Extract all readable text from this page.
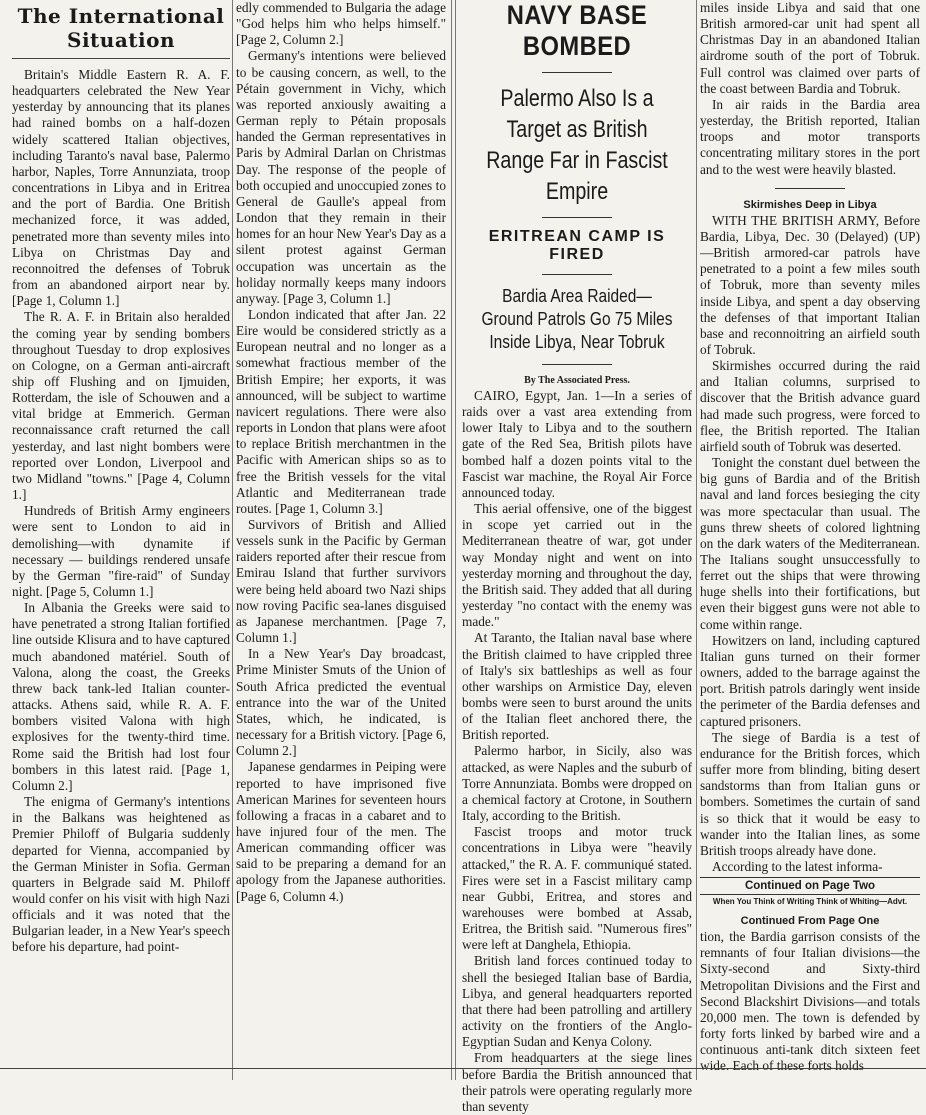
The International Situation

Britain's Middle Eastern R. A. F. headquarters celebrated the New Year yesterday by announcing that its planes had rained bombs on a half-dozen widely scattered Italian objectives, including Taranto's naval base, Palermo harbor, Naples, Torre Annunziata, troop concentrations in Libya and in Eritrea and the port of Bardia. One British mechanized force, it was added, penetrated more than seventy miles into Libya on Christmas Day and reconnoitred the defenses of Tobruk from an abandoned airport near by. [Page 1, Column 1.]

The R. A. F. in Britain also heralded the coming year by sending bombers throughout Tuesday to drop explosives on Cologne, on a German anti-aircraft ship off Flushing and on Ijmuiden, Rotterdam, the isle of Schouwen and a vital bridge at Emmerich. German reconnaissance craft returned the call yesterday, and last night bombers were reported over London, Liverpool and two Midland "towns." [Page 4, Column 1.]

Hundreds of British Army engineers were sent to London to aid in demolishing—with dynamite if necessary — buildings rendered unsafe by the German "fire-raid" of Sunday night. [Page 5, Column 1.]

In Albania the Greeks were said to have penetrated a strong Italian fortified line outside Klisura and to have captured much abandoned matériel. South of Valona, along the coast, the Greeks threw back tank-led Italian counter-attacks. Athens said, while R. A. F. bombers visited Valona with high explosives for the twenty-third time. Rome said the British had lost four bombers in this latest raid. [Page 1, Column 2.]

The enigma of Germany's intentions in the Balkans was heightened as Premier Philoff of Bulgaria suddenly departed for Vienna, accompanied by the German Minister in Sofia. German quarters in Belgrade said M. Philoff would confer on his visit with high Nazi officials and it was noted that the Bulgarian leader, in a New Year's speech before his departure, had point-

edly commended to Bulgaria the adage "God helps him who helps himself." [Page 2, Column 2.]

Germany's intentions were believed to be causing concern, as well, to the Pétain government in Vichy, which was reported anxiously awaiting a German reply to Pétain proposals handed the German representatives in Paris by Admiral Darlan on Christmas Day. The response of the people of both occupied and unoccupied zones to General de Gaulle's appeal from London that they remain in their homes for an hour New Year's Day as a silent protest against German occupation was uncertain as the holiday normally keeps many indoors anyway. [Page 3, Column 1.]

London indicated that after Jan. 22 Eire would be considered strictly as a European neutral and no longer as a somewhat fractious member of the British Empire; her exports, it was announced, will be subject to wartime navicert regulations. There were also reports in London that plans were afoot to replace British merchantmen in the Pacific with American ships so as to free the British vessels for the vital Atlantic and Mediterranean trade routes. [Page 1, Column 3.]

Survivors of British and Allied vessels sunk in the Pacific by German raiders reported after their rescue from Emirau Island that further survivors were being held aboard two Nazi ships now roving Pacific sea-lanes disguised as Japanese merchantmen. [Page 7, Column 1.]

In a New Year's Day broadcast, Prime Minister Smuts of the Union of South Africa predicted the eventual entrance into the war of the United States, which, he indicated, is necessary for a British victory. [Page 6, Column 2.]

Japanese gendarmes in Peiping were reported to have imprisoned five American Marines for seventeen hours following a fracas in a cabaret and to have injured four of the men. The American commanding officer was said to be preparing a demand for an apology from the Japanese authorities. [Page 6, Column 4.)

NAVY BASE BOMBED
Palermo Also Is a Target as British Range Far in Fascist Empire
ERITREAN CAMP IS FIRED
Bardia Area Raided—Ground Patrols Go 75 Miles Inside Libya, Near Tobruk
By The Associated Press.

CAIRO, Egypt, Jan. 1—In a series of raids over a vast area extending from lower Italy to Libya and to the southern gate of the Red Sea, British pilots have bombed half a dozen points vital to the Fascist war machine, the Royal Air Force announced today.

This aerial offensive, one of the biggest in scope yet carried out in the Mediterranean theatre of war, got under way Monday night and went on into yesterday morning and throughout the day, the British said. They added that all during yesterday "no contact with the enemy was made."

At Taranto, the Italian naval base where the British claimed to have crippled three of Italy's six battleships as well as four other warships on Armistice Day, eleven bombs were seen to burst around the units of the Italian fleet anchored there, the British reported.

Palermo harbor, in Sicily, also was attacked, as were Naples and the suburb of Torre Annunziata. Bombs were dropped on a chemical factory at Crotone, in Southern Italy, according to the British.

Fascist troops and motor truck concentrations in Libya were "heavily attacked," the R. A. F. communiqué stated. Fires were set in a Fascist military camp near Gubbi, Eritrea, and stores and warehouses were bombed at Assab, Eritrea, the British said. "Numerous fires" were left at Danghela, Ethiopia.

British land forces continued today to shell the besieged Italian base of Bardia, Libya, and general headquarters reported that there had been patrolling and artillery activity on the frontiers of the Anglo-Egyptian Sudan and Kenya Colony.

From headquarters at the siege lines before Bardia the British announced that their patrols were operating regularly more than seventy

miles inside Libya and said that one British armored-car unit had spent all Christmas Day in an abandoned Italian airdrome south of the port of Tobruk. Full control was claimed over parts of the coast between Bardia and Tobruk.

In air raids in the Bardia area yesterday, the British reported, Italian troops and motor transports concentrating military stores in the port and to the west were heavily blasted.

Skirmishes Deep in Libya

WITH THE BRITISH ARMY, Before Bardia, Libya, Dec. 30 (Delayed) (UP)—British armored-car patrols have penetrated to a point a few miles south of Tobruk, more than seventy miles inside Libya, and spent a day observing the defenses of that important Italian base and reconnoitring an airfield south of Tobruk.

Skirmishes occurred during the raid and Italian columns, surprised to discover that the British advance guard had made such progress, were forced to flee, the British reported. The Italian airfield south of Tobruk was deserted.

Tonight the constant duel between the big guns of Bardia and of the British naval and land forces besieging the city was more spectacular than usual. The guns threw sheets of colored lightning on the dark waters of the Mediterranean. The Italians sought unsuccessfully to ferret out the ships that were throwing huge shells into their fortifications, but even their biggest guns were not able to come within range.

Howitzers on land, including captured Italian guns turned on their former owners, added to the barrage against the port. British patrols daringly went inside the perimeter of the Bardia defenses and captured prisoners.

The siege of Bardia is a test of endurance for the British forces, which suffer more from blinding, biting desert sandstorms than from Italian guns or bombers. Sometimes the curtain of sand is so thick that it would be easy to wander into the Italian lines, as some British troops already have done.

According to the latest informa-

Continued on Page Two
When You Think of Writing Think of Whiting—Advt.
Continued From Page One

tion, the Bardia garrison consists of the remnants of four Italian divisions—the Sixty-second and Sixty-third Metropolitan Divisions and the First and Second Blackshirt Divisions—and totals 20,000 men. The town is defended by forty forts linked by barbed wire and a continuous anti-tank ditch sixteen feet wide. Each of these forts holds
